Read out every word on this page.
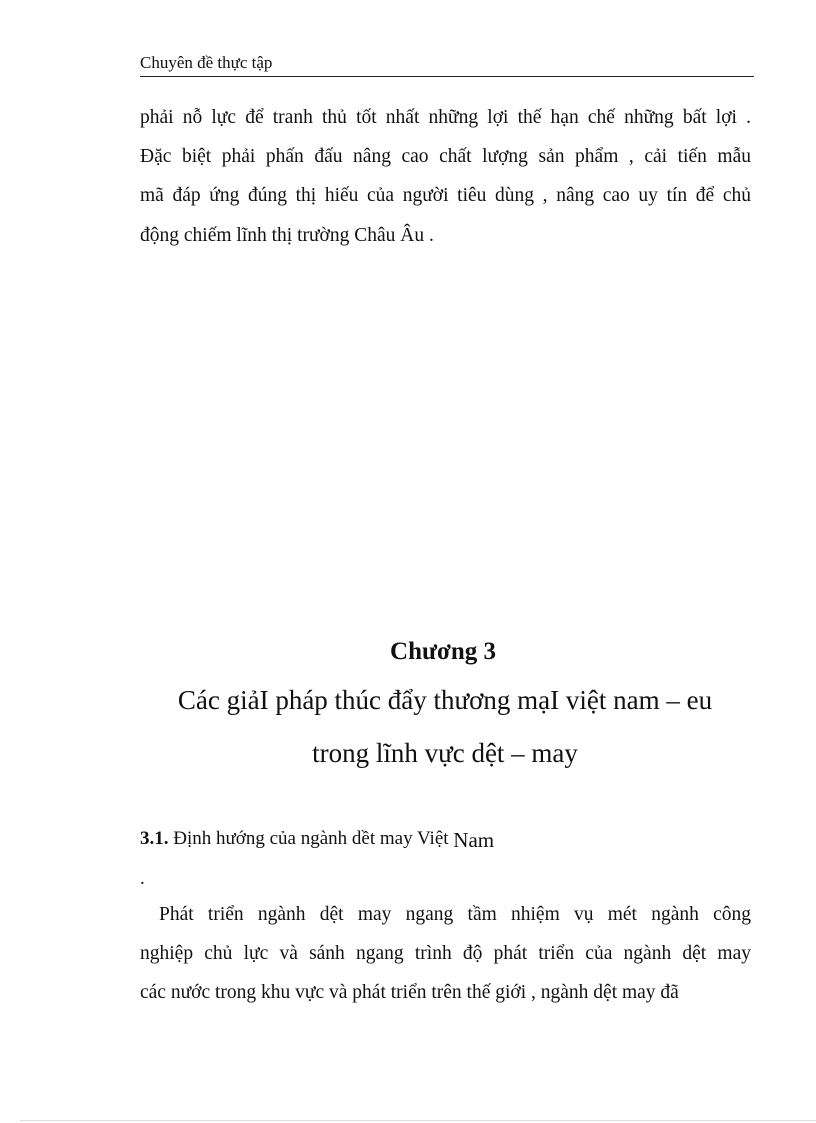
Chuyên đề thực tập
phải nỗ lực để tranh thủ tốt nhất những lợi thế hạn chế những bất lợi .
Đặc biệt phải phấn đấu nâng cao chất lượng sản phẩm , cải tiến mẫu
mã đáp ứng đúng thị hiếu của người tiêu dùng , nâng cao uy tín để chủ
động chiếm lĩnh thị trường Châu Âu .
Chương 3
Các giảI pháp thúc đẩy thương mạI việt nam – eu
trong lĩnh vực dệt – may
3.1. Định hướng của ngành dềt may Việt Nam
.
Phát triển ngành dệt may ngang tầm nhiệm vụ mét ngành công
nghiệp chủ lực và sánh ngang trình độ phát triển của ngành dệt may
các nước trong khu vực và phát triển trên thế giới , ngành dệt may đã
